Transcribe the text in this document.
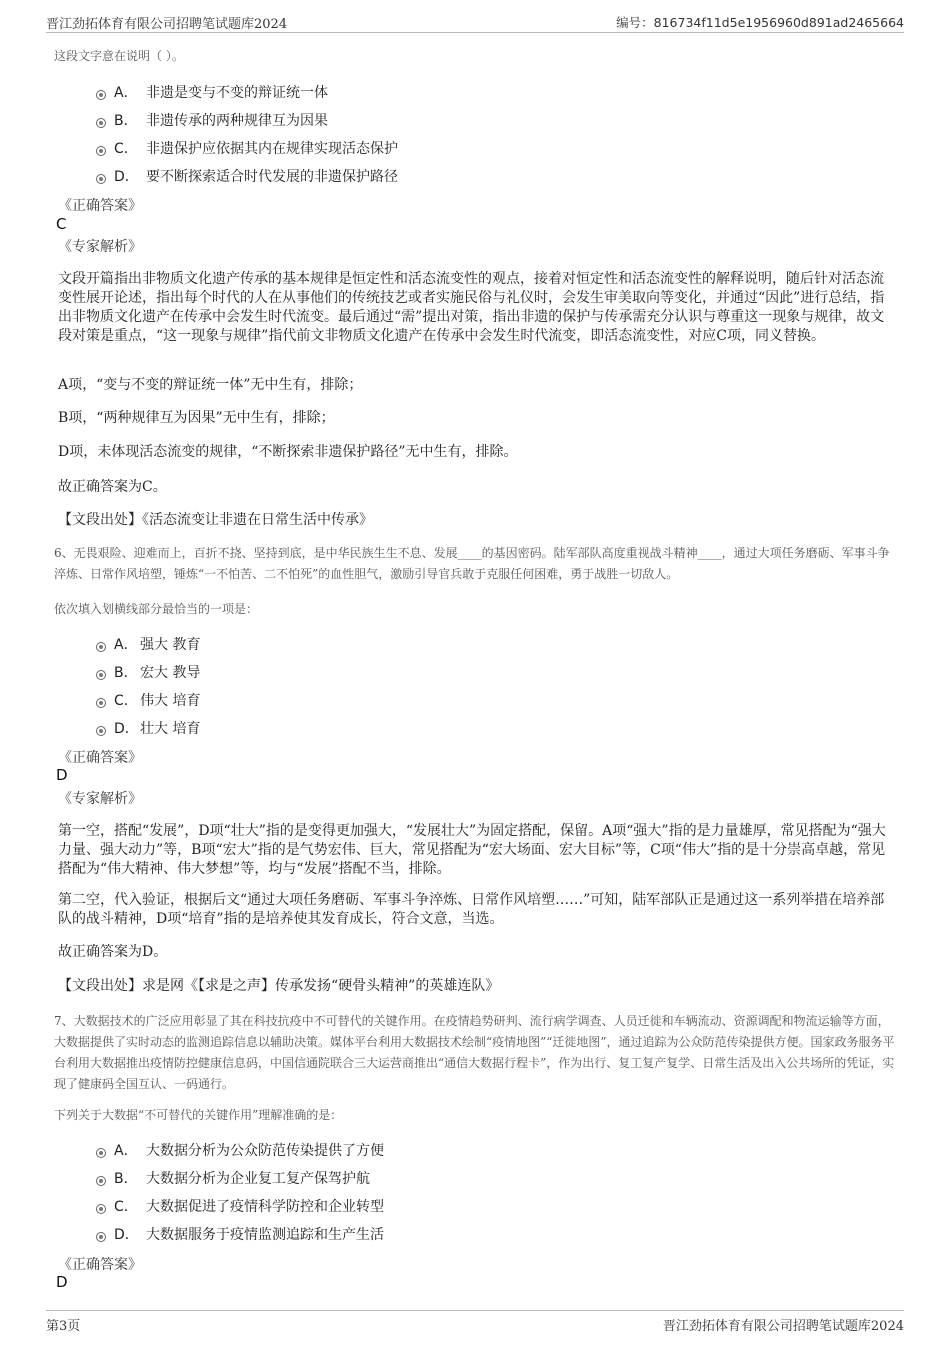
晋江劲拓体育有限公司招聘笔试题库2024	编号：816734f11d5e1956960d891ad2465664
这段文字意在说明（ ）。
A． 非遗是变与不变的辩证统一体
B． 非遗传承的两种规律互为因果
C． 非遗保护应依据其内在规律实现活态保护
D． 要不断探索适合时代发展的非遗保护路径
《正确答案》
C
《专家解析》

文段开篇指出非物质文化遗产传承的基本规律是恒定性和活态流变性的观点，接着对恒定性和活态流变性的解释说明，随后针对活态流变性展开论述，指出每个时代的人在从事他们的传统技艺或者实施民俗与礼仪时，会发生审美取向等变化，并通过“因此”进行总结，指出非物质文化遗产在传承中会发生时代流变。最后通过“需”提出对策，指出非遗的保护与传承需充分认识与尊重这一现象与规律，故文段对策是重点，“这一现象与规律”指代前文非物质文化遗产在传承中会发生时代流变，即活态流变性，对应C项，同义替换。

A项，“变与不变的辩证统一体”无中生有，排除；

B项，“两种规律互为因果”无中生有，排除；

D项，未体现活态流变的规律，“不断探索非遗保护路径”无中生有，排除。

故正确答案为C。

【文段出处】《活态流变让非遗在日常生活中传承》

6、无畏艰险、迎难而上，百折不挠、坚持到底，是中华民族生生不息、发展____的基因密码。陆军部队高度重视战斗精神____，通过大项任务磨砺、军事斗争淬炼、日常作风培塑，锤炼“一不怕苦、二不怕死”的血性胆气，激励引导官兵敢于克服任何困难，勇于战胜一切敌人。

依次填入划横线部分最恰当的一项是：
A． 强大 教育
B． 宏大 教导
C． 伟大 培育
D． 壮大 培育
《正确答案》
D
《专家解析》

第一空，搭配“发展”，D项“壮大”指的是变得更加强大，“发展壮大”为固定搭配，保留。A项“强大”指的是力量雄厚，常见搭配为“强大力量、强大动力”等，B项“宏大”指的是气势宏伟、巨大，常见搭配为“宏大场面、宏大目标”等，C项“伟大”指的是十分崇高卓越，常见搭配为“伟大精神、伟大梦想”等，均与“发展”搭配不当，排除。

第二空，代入验证，根据后文“通过大项任务磨砺、军事斗争淬炼、日常作风培塑……”可知，陆军部队正是通过这一系列举措在培养部队的战斗精神，D项“培育”指的是培养使其发育成长，符合文意，当选。

故正确答案为D。

【文段出处】求是网《【求是之声】传承发扬“硬骨头精神”的英雄连队》

7、大数据技术的广泛应用彰显了其在科技抗疫中不可替代的关键作用。在疫情趋势研判、流行病学调查、人员迁徙和车辆流动、资源调配和物流运输等方面，大数据提供了实时动态的监测追踪信息以辅助决策。媒体平台利用大数据技术绘制“疫情地图”“迁徙地图”，通过追踪为公众防范传染提供方便。国家政务服务平台利用大数据推出疫情防控健康信息码，中国信通院联合三大运营商推出“通信大数据行程卡”，作为出行、复工复产复学、日常生活及出入公共场所的凭证，实现了健康码全国互认、一码通行。

下列关于大数据“不可替代的关键作用”理解准确的是：
A． 大数据分析为公众防范传染提供了方便
B． 大数据分析为企业复工复产保驾护航
C． 大数据促进了疫情科学防控和企业转型
D． 大数据服务于疫情监测追踪和生产生活
《正确答案》
D
第3页	晋江劲拓体育有限公司招聘笔试题库2024
